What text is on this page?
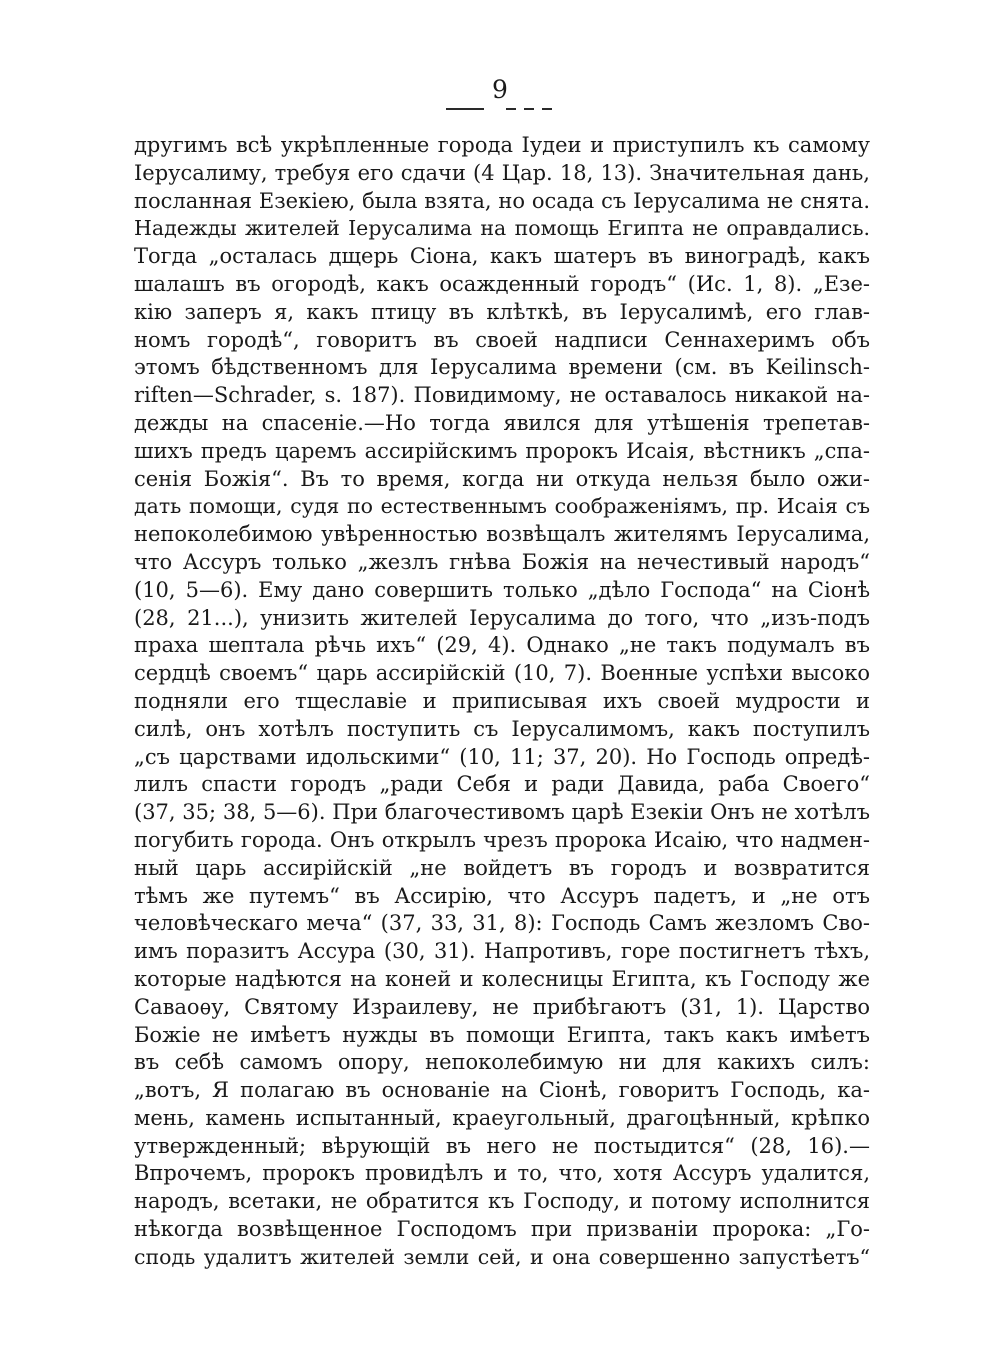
9
другимъ всѣ укрѣпленные города Іудеи и приступилъ къ самому
Іерусалиму, требуя его сдачи (4 Цар. 18, 13). Значительная дань,
посланная Езекіею, была взята, но осада съ Іерусалима не снята.
Надежды жителей Іерусалима на помощь Египта не оправдались.
Тогда „осталась дщерь Сіона, какъ шатеръ въ виноградѣ, какъ
шалашъ въ огородѣ, какъ осажденный городъ“ (Ис. 1, 8). „Езе-
кію заперъ я, какъ птицу въ клѣткѣ, въ Іерусалимѣ, его глав-
номъ городѣ“, говоритъ въ своей надписи Сеннахеримъ объ
этомъ бѣдственномъ для Іерусалима времени (см. въ Keilinsch-
riften—Schrader, s. 187). Повидимому, не оставалось никакой на-
дежды на спасеніе.—Но тогда явился для утѣшенія трепетав-
шихъ предъ царемъ ассирійскимъ пророкъ Исаія, вѣстникъ „спа-
сенія Божія“. Въ то время, когда ни откуда нельзя было ожи-
дать помощи, судя по естественнымъ соображеніямъ, пр. Исаія съ
непоколебимою увѣренностью возвѣщалъ жителямъ Іерусалима,
что Ассуръ только „жезлъ гнѣва Божія на нечестивый народъ“
(10, 5—6). Ему дано совершить только „дѣло Господа“ на Сіонѣ
(28, 21...), унизить жителей Іерусалима до того, что „изъ-подъ
праха шептала рѣчь ихъ“ (29, 4). Однако „не такъ подумалъ въ
сердцѣ своемъ“ царь ассирійскій (10, 7). Военные успѣхи высоко
подняли его тщеславіе и приписывая ихъ своей мудрости и
силѣ, онъ хотѣлъ поступить съ Іерусалимомъ, какъ поступилъ
„съ царствами идольскими“ (10, 11; 37, 20). Но Господь опредѣ-
лилъ спасти городъ „ради Себя и ради Давида, раба Своего“
(37, 35; 38, 5—6). При благочестивомъ царѣ Езекіи Онъ не хотѣлъ
погубить города. Онъ открылъ чрезъ пророка Исаію, что надмен-
ный царь ассирійскій „не войдетъ въ городъ и возвратится
тѣмъ же путемъ“ въ Ассирію, что Ассуръ падетъ, и „не отъ
человѣческаго меча“ (37, 33, 31, 8): Господь Самъ жезломъ Сво-
имъ поразитъ Ассура (30, 31). Напротивъ, горе постигнетъ тѣхъ,
которые надѣются на коней и колесницы Египта, къ Господу же
Саваоѳу, Святому Израилеву, не прибѣгаютъ (31, 1). Царство
Божіе не имѣетъ нужды въ помощи Египта, такъ какъ имѣетъ
въ себѣ самомъ опору, непоколебимую ни для какихъ силъ:
„вотъ, Я полагаю въ основаніе на Сіонѣ, говоритъ Господь, ка-
мень, камень испытанный, краеугольный, драгоцѣнный, крѣпко
утвержденный; вѣрующій въ него не постыдится“ (28, 16).—
Впрочемъ, пророкъ провидѣлъ и то, что, хотя Ассуръ удалится,
народъ, всетаки, не обратится къ Господу, и потому исполнится
нѣкогда возвѣщенное Господомъ при призваніи пророка: „Го-
сподь удалитъ жителей земли сей, и она совершенно запустѣетъ“
